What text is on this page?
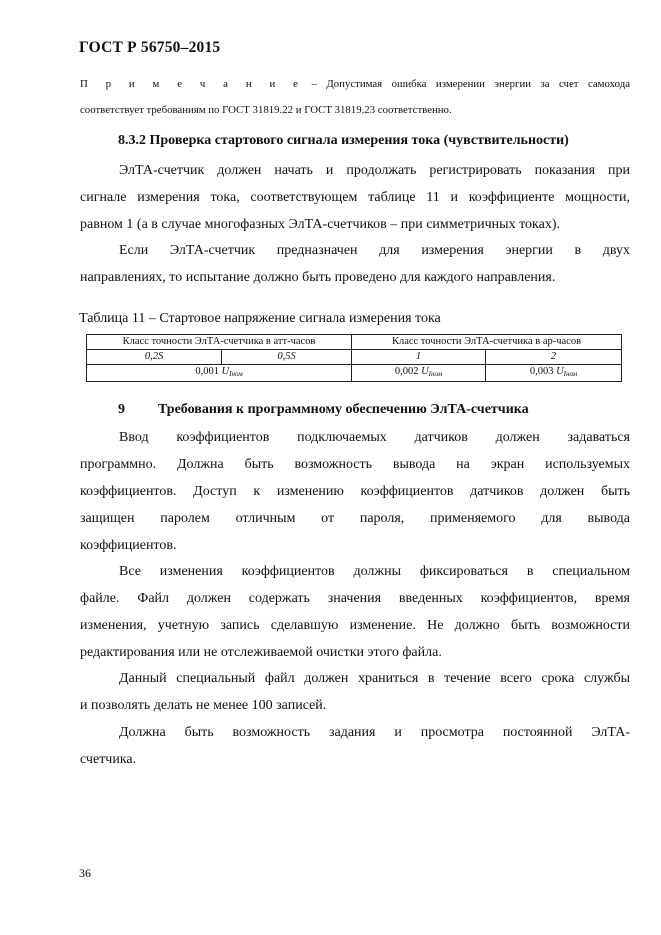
ГОСТ Р 56750–2015
П р и м е ч а н и е – Допустимая ошибка измерении энергии за счет самохода
соответствует требованиям по ГОСТ 31819.22 и ГОСТ 31819.23 соответственно.
8.3.2 Проверка стартового сигнала измерения тока (чувствительности)
ЭлТА-счетчик должен начать и продолжать регистрировать показания при
сигнале измерения тока, соответствующем таблице 11 и коэффициенте мощности,
равном 1 (а в случае многофазных ЭлТА-счетчиков – при симметричных токах).
Если ЭлТА-счетчик предназначен для измерения энергии в двух
направлениях, то испытание должно быть проведено для каждого направления.
Таблица 11 – Стартовое напряжение сигнала измерения тока
Класс точности ЭлТА-счетчика в атт-часов		Класс точности ЭлТА-счетчика в ар-часов	
0,2S	0,5S	1	2
0,001 $U_{Iном}$		0,002 $U_{Iном}$	0,003 $U_{Iном}$
9 Требования к программному обеспечению ЭлТА-счетчика
Ввод коэффициентов подключаемых датчиков должен задаваться
программно. Должна быть возможность вывода на экран используемых
коэффициентов. Доступ к изменению коэффициентов датчиков должен быть
защищен паролем отличным от пароля, применяемого для вывода
коэффициентов.
Все изменения коэффициентов должны фиксироваться в специальном
файле. Файл должен содержать значения введенных коэффициентов, время
изменения, учетную запись сделавшую изменение. Не должно быть возможности
редактирования или не отслеживаемой очистки этого файла.
Данный специальный файл должен храниться в течение всего срока службы
и позволять делать не менее 100 записей.
Должна быть возможность задания и просмотра постоянной ЭлТА-
счетчика.
36
